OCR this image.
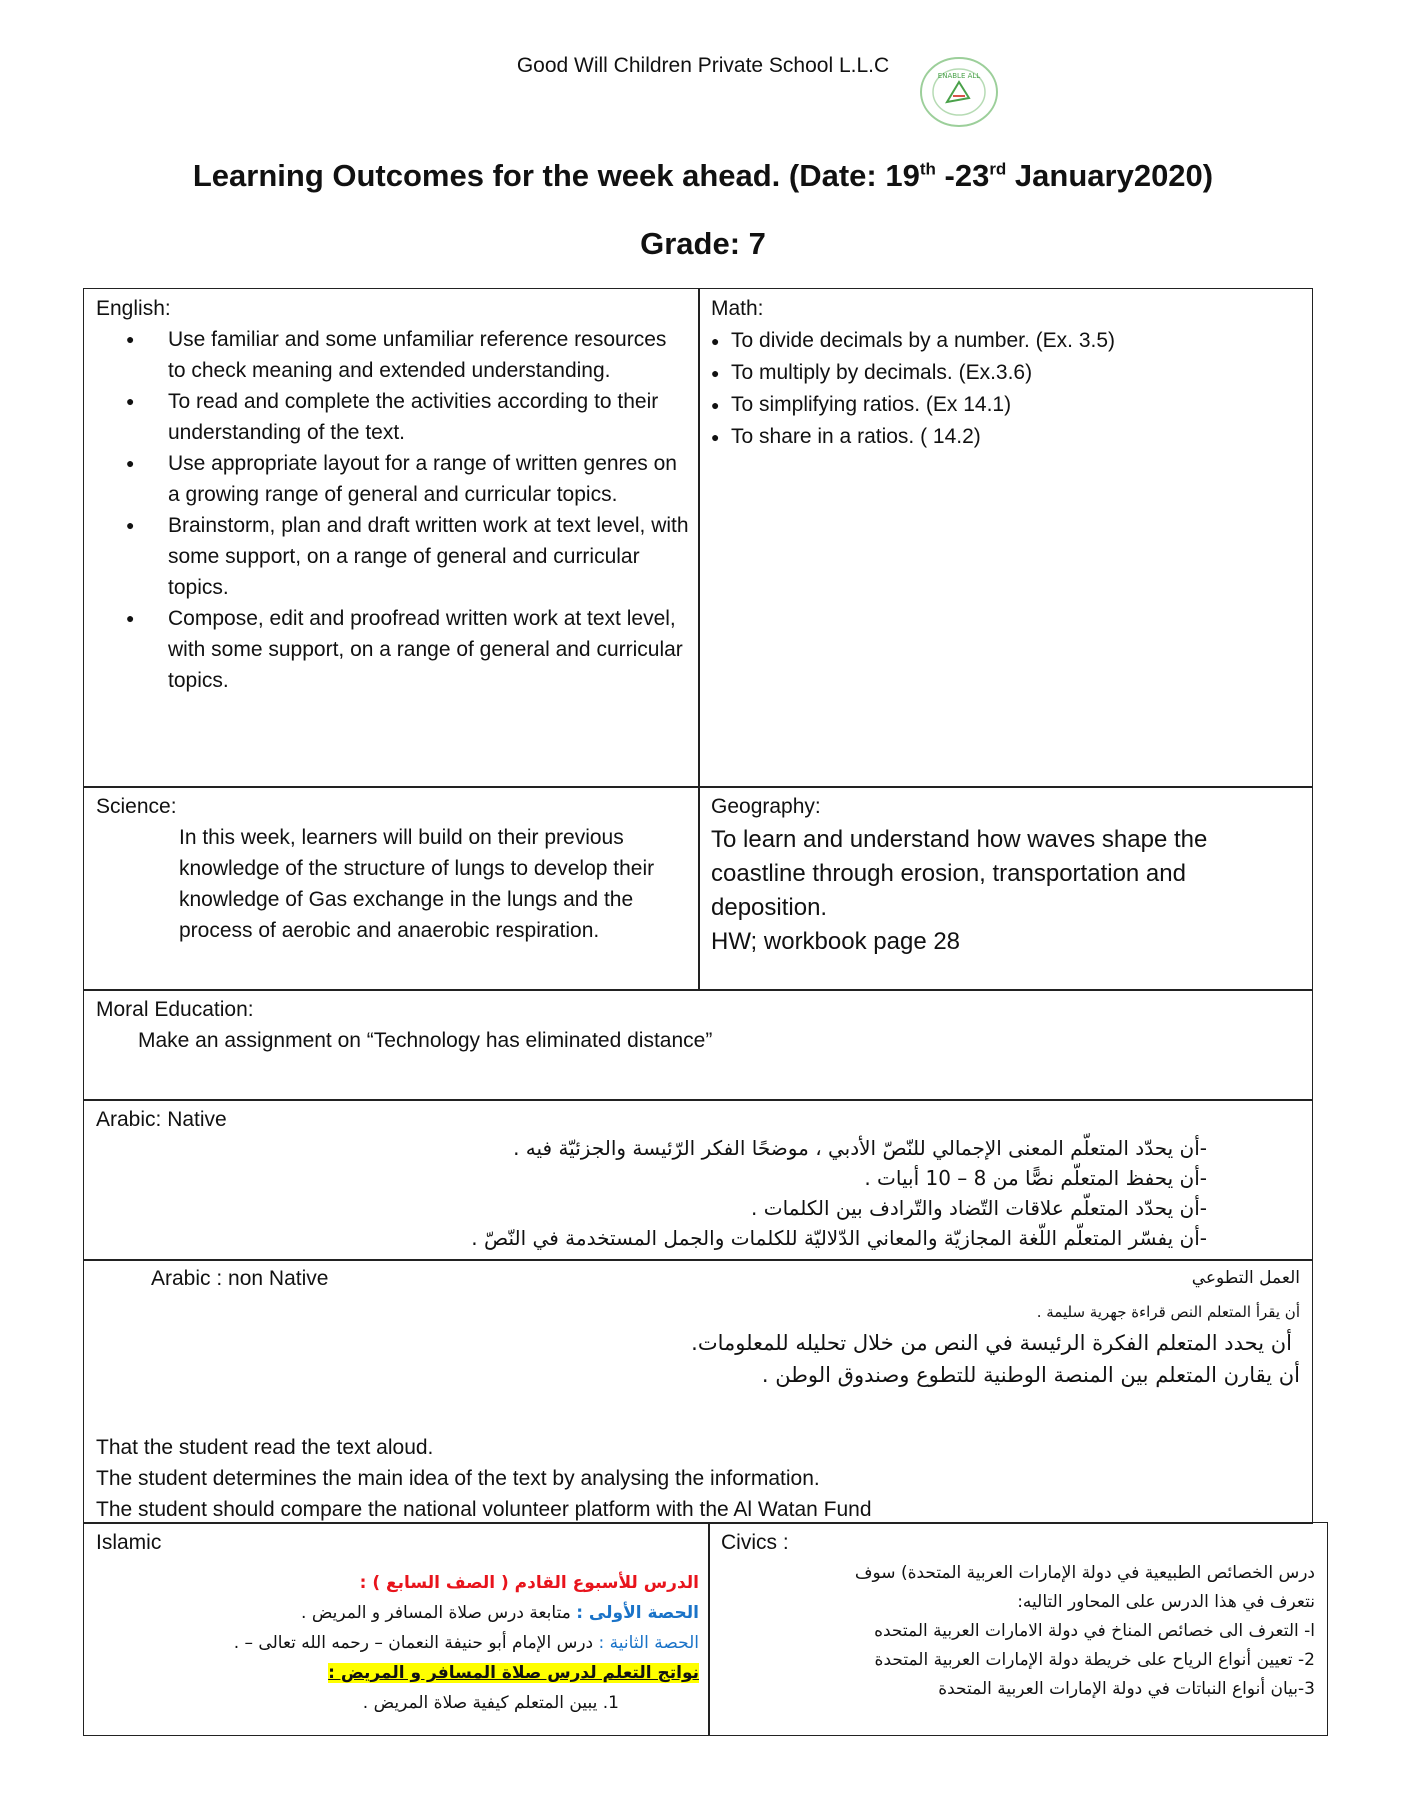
Good Will Children Private School L.L.C	ENABLE ALL
Learning Outcomes for the week ahead. (Date: 19th -23rd January2020)
Grade: 7
English:
● Use familiar and some unfamiliar reference resources to check meaning and extended understanding.
● To read and complete the activities according to their understanding of the text.
● Use appropriate layout for a range of written genres on a growing range of general and curricular topics.
● Brainstorm, plan and draft written work at text level, with some support, on a range of general and curricular topics.
● Compose, edit and proofread written work at text level, with some support, on a range of general and curricular topics.
Math:
● To divide decimals by a number. (Ex. 3.5)
● To multiply by decimals. (Ex.3.6)
● To simplifying ratios. (Ex 14.1)
● To share in a ratios. ( 14.2)
Science:
In this week, learners will build on their previous knowledge of the structure of lungs to develop their knowledge of Gas exchange in the lungs and the process of aerobic and anaerobic respiration.
Geography:
To learn and understand how waves shape the coastline through erosion, transportation and deposition.
HW; workbook page 28
Moral Education:
Make an assignment on “Technology has eliminated distance”
Arabic: Native
-أن يحدّد المتعلّم المعنى الإجمالي للنّصّ الأدبي ، موضحًا الفكر الرّئيسة والجزئيّة فيه .
-أن يحفظ المتعلّم نصًّا من 8 – 10 أبيات .
-أن يحدّد المتعلّم علاقات التّضاد والتّرادف بين الكلمات .
-أن يفسّر المتعلّم اللّغة المجازيّة والمعاني الدّلاليّة للكلمات والجمل المستخدمة في النّصّ .
Arabic : non Native	العمل التطوعي
أن يقرأ المتعلم النص قراءة جهرية سليمة .
أن يحدد المتعلم الفكرة الرئيسة في النص من خلال تحليله للمعلومات.
أن يقارن المتعلم بين المنصة الوطنية للتطوع وصندوق الوطن .
That the student read the text aloud.
The student determines the main idea of the text by analysing the information.
The student should compare the national volunteer platform with the Al Watan Fund
Islamic
الدرس للأسبوع القادم ( الصف السابع ) :
الحصة الأولى : متابعة درس صلاة المسافر و المريض .
الحصة الثانية : درس الإمام أبو حنيفة النعمان – رحمه الله تعالى – .
نواتج التعلم لدرس صلاة المسافر و المريض :
1. يبين المتعلم كيفية صلاة المريض .
Civics :
درس الخصائص الطبيعية في دولة الإمارات العربية المتحدة) سوف
نتعرف في هذا الدرس على المحاور التاليه:
ا- التعرف الى خصائص المناخ في دولة الامارات العربية المتحده
2- تعيين أنواع الرياح على خريطة دولة الإمارات العربية المتحدة
3-بيان أنواع النباتات في دولة الإمارات العربية المتحدة
